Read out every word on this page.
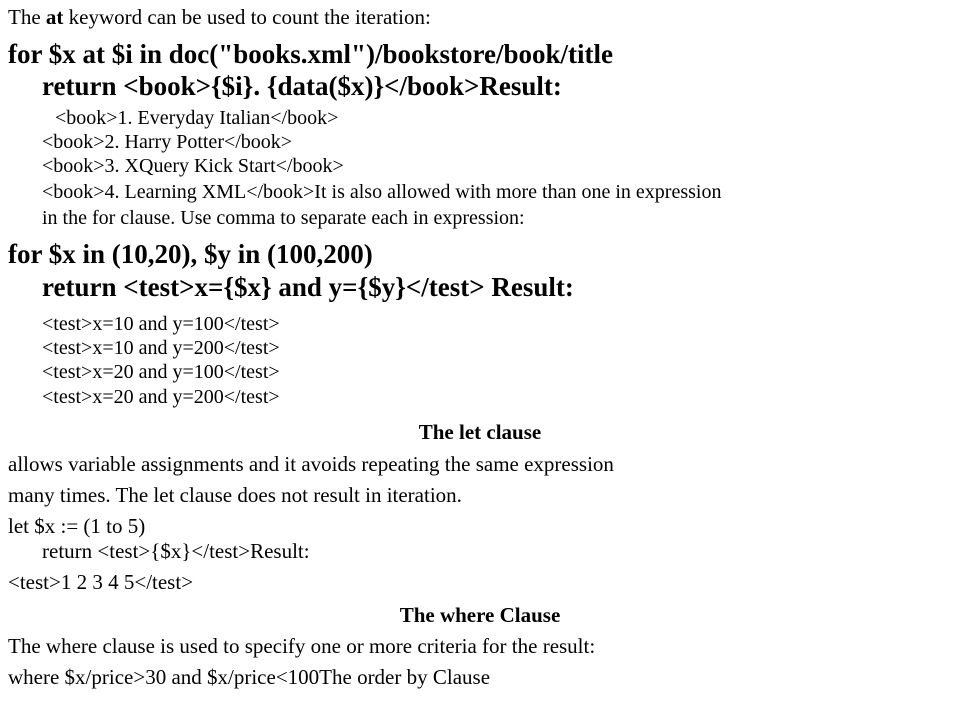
The at keyword can be used to count the iteration:
for $x at $i in doc("books.xml")/bookstore/book/title
return <book>{$i}. {data($x)}</book>Result:
<book>1. Everyday Italian</book>
<book>2. Harry Potter</book>
<book>3. XQuery Kick Start</book>
<book>4. Learning XML</book>It is also allowed with more than one in expression
in the for clause. Use comma to separate each in expression:
for $x in (10,20), $y in (100,200)
return <test>x={$x} and y={$y}</test> Result:
<test>x=10 and y=100</test>
<test>x=10 and y=200</test>
<test>x=20 and y=100</test>
<test>x=20 and y=200</test>
The let clause
allows variable assignments and it avoids repeating the same expression
many times. The let clause does not result in iteration.
let $x := (1 to 5)
return <test>{$x}</test>Result:
<test>1 2 3 4 5</test>
The where Clause
The where clause is used to specify one or more criteria for the result:
where $x/price>30 and $x/price<100The order by Clause
